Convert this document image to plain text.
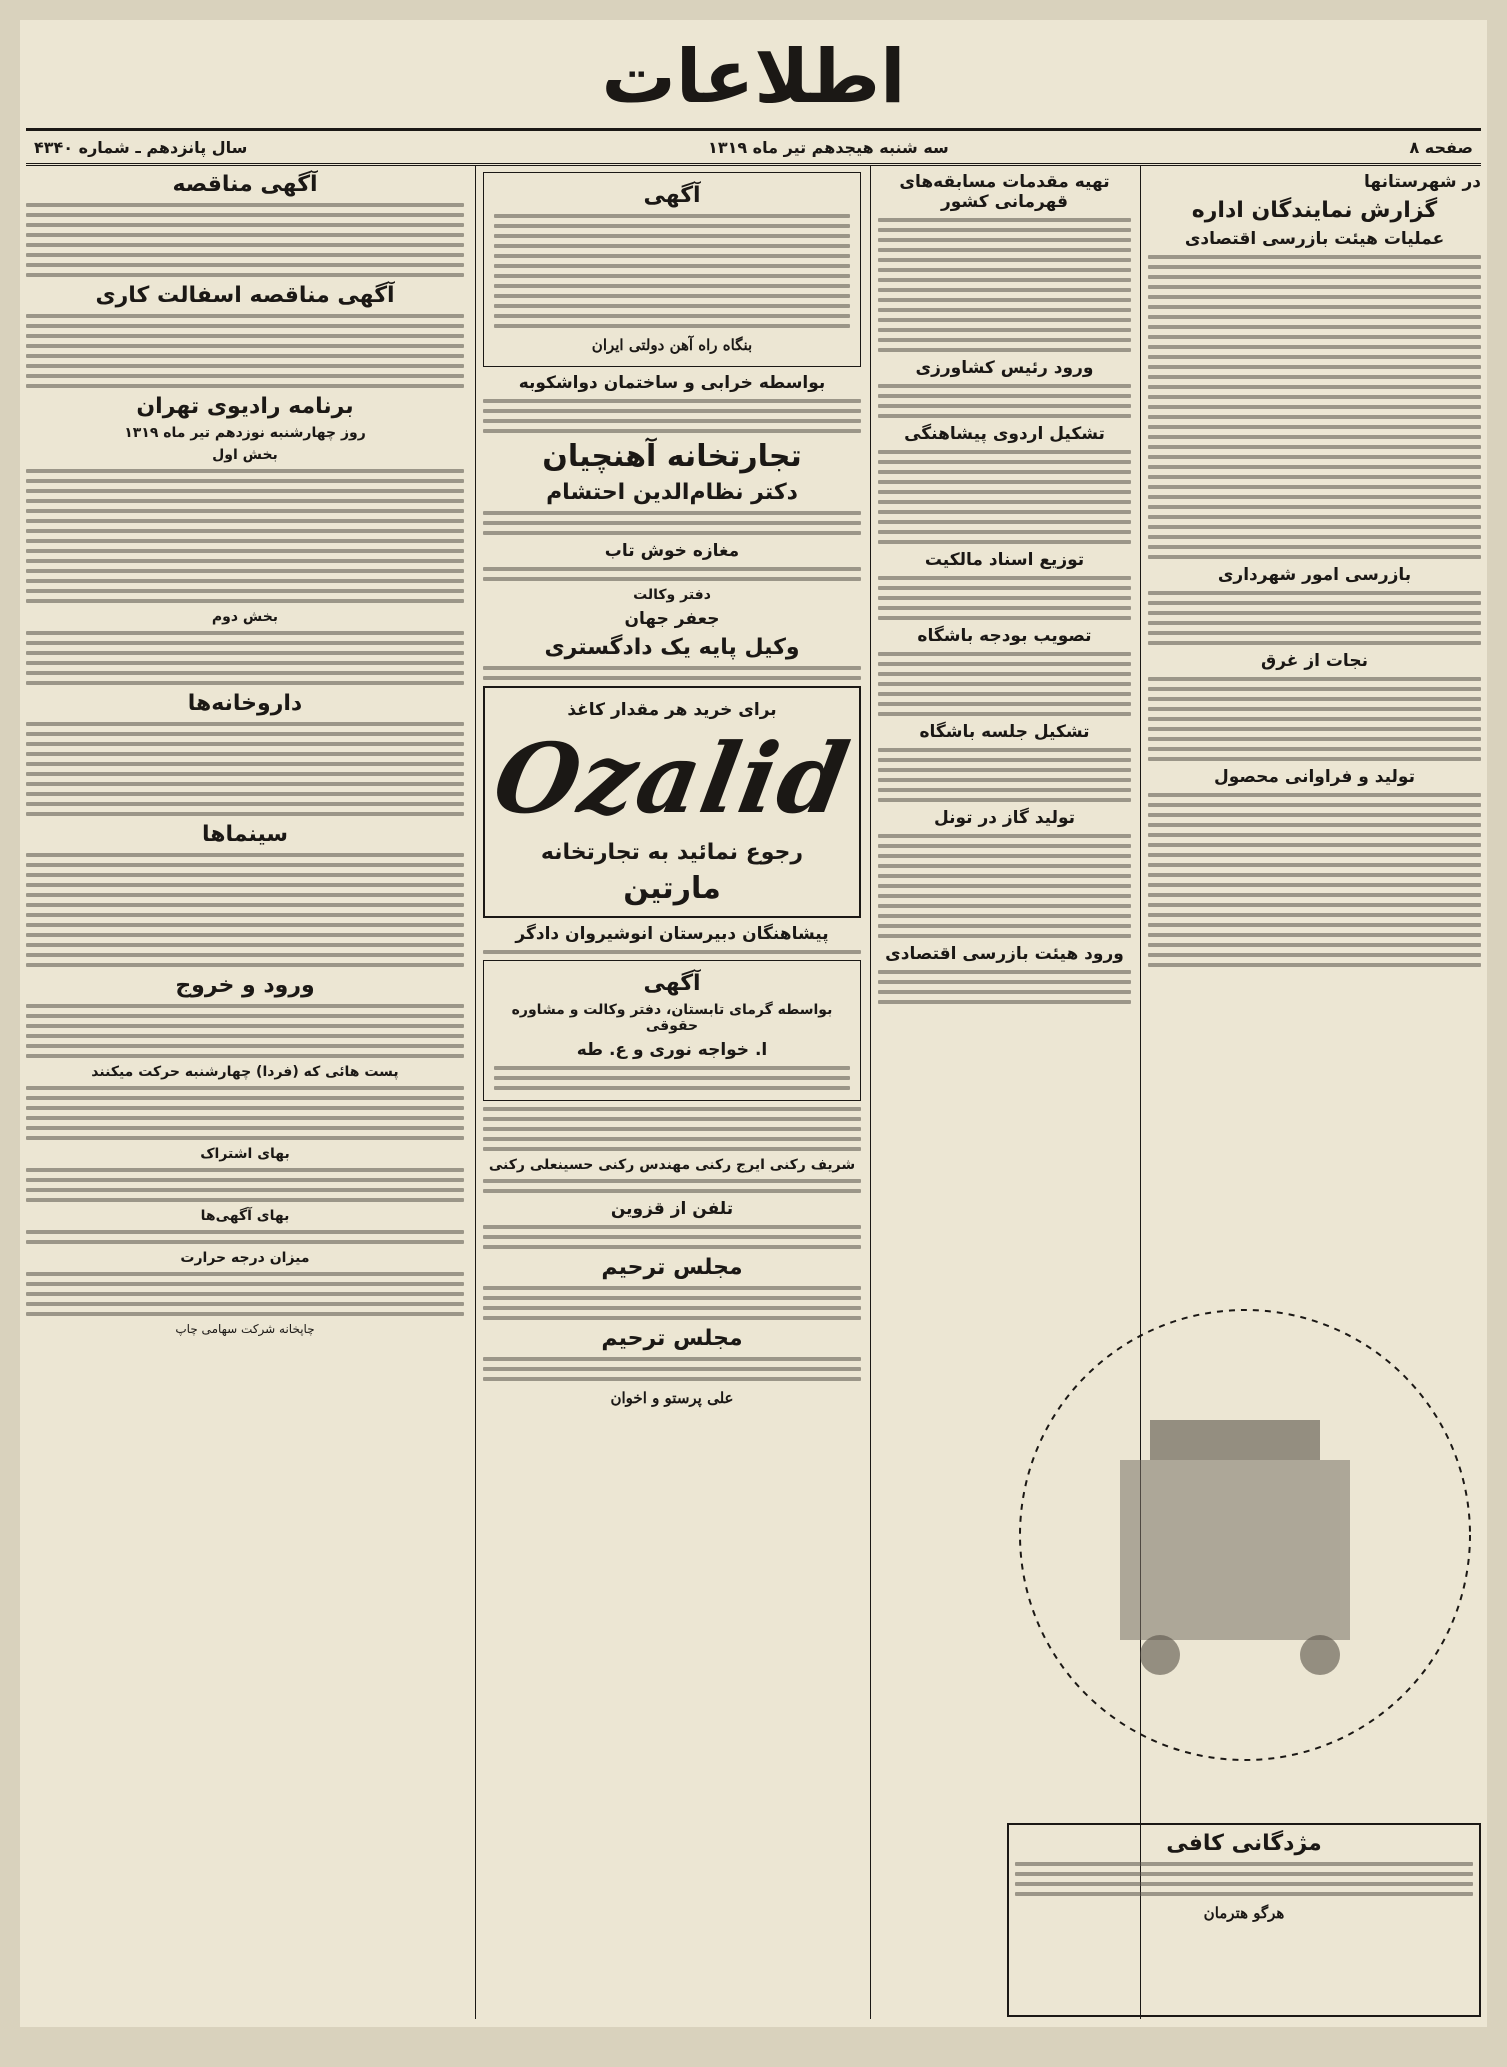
اطلاعات
صفحه ۸
سه شنبه هیجدهم تیر ماه ۱۳۱۹
سال پانزدهم ـ شماره ۴۳۴۰
در شهرستانها
گزارش نمایندگان اداره
عملیات هیئت بازرسی اقتصادی
بازرسی امور شهرداری
نجات از غرق
تولید و فراوانی محصول
تهیه مقدمات مسابقه‌های قهرمانی کشور
ورود رئیس کشاورزی
تشکیل اردوی پیشاهنگی
توزیع اسناد مالکیت
تصویب بودجه باشگاه
تشکیل جلسه باشگاه
تولید گاز در تونل
ورود هیئت بازرسی اقتصادی
آگهی
بنگاه راه آهن دولتی ایران
بواسطه خرابی و ساختمان دواشکوبه
تجارتخانه آهنچیان
دکتر نظام‌الدین احتشام
مغازه خوش تاب
دفتر وکالت
جعفر جهان
وکیل پایه یک دادگستری
برای خرید هر مقدار کاغذ
Ozalid
رجوع نمائید به تجارتخانه
مارتین
پیشاهنگان دبیرستان انوشیروان دادگر
آگهی
بواسطه گرمای تابستان، دفتر وکالت و مشاوره حقوقی
ا. خواجه نوری و ع. طه
شریف رکنی ایرج رکنی مهندس رکنی حسینعلی رکنی
تلفن از قزوین
مجلس ترحیم
مجلس ترحیم
علی پرستو و اخوان
آگهی مناقصه
آگهی مناقصه اسفالت کاری
برنامه رادیوی تهران
روز چهارشنبه نوزدهم تیر ماه ۱۳۱۹
بخش اول
بخش دوم
داروخانه‌ها
سینماها
ورود و خروج
پست هائی که (فردا) چهارشنبه حرکت میکنند
بهای اشتراک
بهای آگهی‌ها
میزان درجه حرارت
چاپخانه شرکت سهامی چاپ
مژدگانی کافی
هرگو هترمان
